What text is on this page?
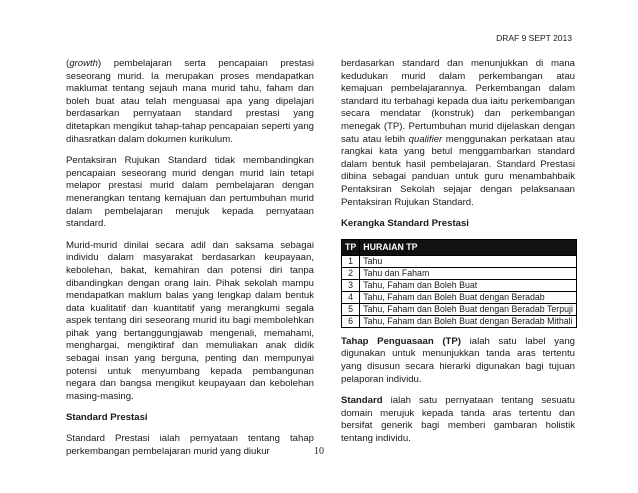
DRAF 9 SEPT 2013

(growth) pembelajaran serta pencapaian prestasi seseorang murid. Ia merupakan proses mendapatkan maklumat tentang sejauh mana murid tahu, faham dan boleh buat atau telah menguasai apa yang dipelajari berdasarkan pernyataan standard prestasi yang ditetapkan mengikut tahap-tahap pencapaian seperti yang dihasratkan dalam dokumen kurikulum.

Pentaksiran Rujukan Standard tidak membandingkan pencapaian seseorang murid dengan murid lain tetapi melapor prestasi murid dalam pembelajaran dengan menerangkan tentang kemajuan dan pertumbuhan murid dalam pembelajaran merujuk kepada pernyataan standard.

Murid-murid dinilai secara adil dan saksama sebagai individu dalam masyarakat berdasarkan keupayaan, kebolehan, bakat, kemahiran dan potensi diri tanpa dibandingkan dengan orang lain. Pihak sekolah mampu mendapatkan maklum balas yang lengkap dalam bentuk data kualitatif dan kuantitatif yang merangkumi segala aspek tentang diri seseorang murid itu bagi membolehkan pihak yang bertanggungjawab mengenali, memahami, menghargai, mengiktiraf dan memuliakan anak didik sebagai insan yang berguna, penting dan mempunyai potensi untuk menyumbang kepada pembangunan negara dan bangsa mengikut keupayaan dan kebolehan masing-masing.

Standard Prestasi

Standard Prestasi ialah pernyataan tentang tahap perkembangan pembelajaran murid yang diukur

berdasarkan standard dan menunjukkan di mana kedudukan murid dalam perkembangan atau kemajuan pembelajarannya. Perkembangan dalam standard itu terbahagi kepada dua iaitu perkembangan secara mendatar (konstruk) dan perkembangan menegak (TP). Pertumbuhan murid dijelaskan dengan satu atau lebih qualifier menggunakan perkataan atau rangkai kata yang betul menggambarkan standard dalam bentuk hasil pembelajaran. Standard Prestasi dibina sebagai panduan untuk guru menambahbaik Pentaksiran Sekolah sejajar dengan pelaksanaan Pentaksiran Rujukan Standard.

Kerangka Standard Prestasi
TP	HURAIAN TP
1	Tahu
2	Tahu dan Faham
3	Tahu, Faham dan Boleh Buat
4	Tahu, Faham dan Boleh Buat dengan Beradab
5	Tahu, Faham dan Boleh Buat dengan Beradab Terpuji
6	Tahu, Faham dan Boleh Buat dengan Beradab Mithali

Tahap Penguasaan (TP) ialah satu label yang digunakan untuk menunjukkan tanda aras tertentu yang disusun secara hierarki digunakan bagi tujuan pelaporan individu.

Standard ialah satu pernyataan tentang sesuatu domain merujuk kepada tanda aras tertentu dan bersifat generik bagi memberi gambaran holistik tentang individu.

10
